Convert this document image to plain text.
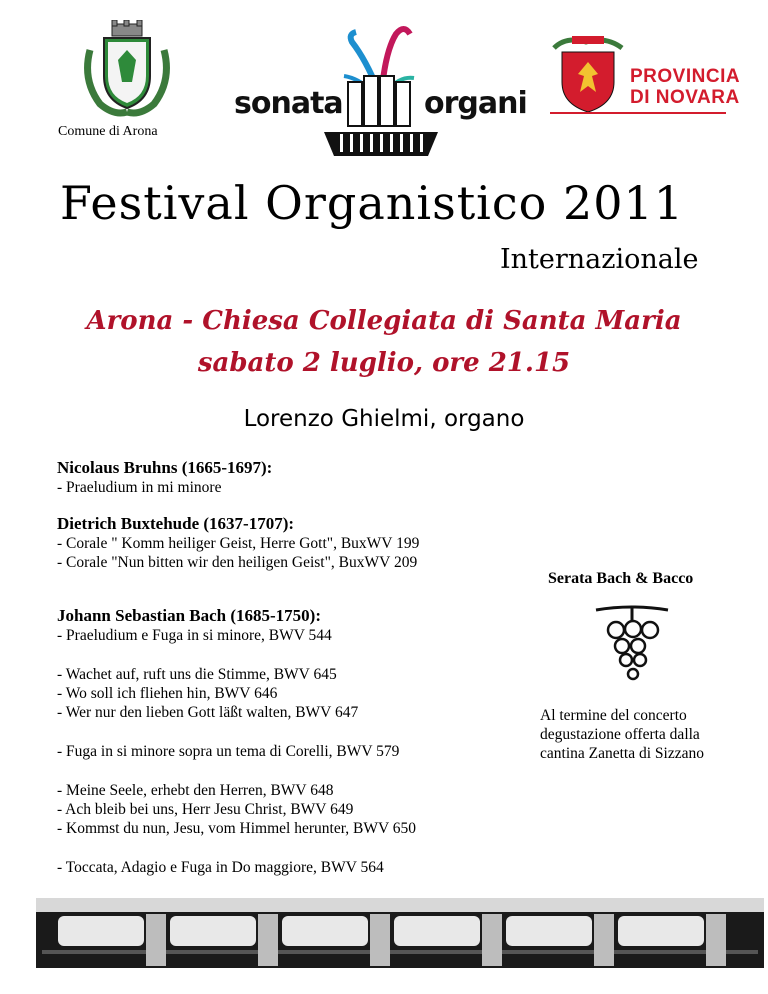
Comune di Arona
sonata	organi
PROVINCIA
DI NOVARA
Festival Organistico 2011
Internazionale
Arona - Chiesa Collegiata di Santa Maria
sabato 2 luglio, ore 21.15
Lorenzo Ghielmi, organo
Nicolaus Bruhns (1665-1697):
- Praeludium in mi minore
Dietrich Buxtehude (1637-1707):
- Corale " Komm heiliger Geist, Herre Gott", BuxWV 199
- Corale "Nun bitten wir den heiligen Geist", BuxWV 209
Johann Sebastian Bach (1685-1750):
- Praeludium e Fuga in si minore, BWV 544
- Wachet auf, ruft uns die Stimme, BWV 645
- Wo soll ich fliehen hin, BWV 646
- Wer nur den lieben Gott läßt walten, BWV 647
- Fuga in si minore sopra un tema di Corelli, BWV 579
- Meine Seele, erhebt den Herren, BWV 648
- Ach bleib bei uns, Herr Jesu Christ, BWV 649
- Kommst du nun, Jesu, vom Himmel herunter, BWV 650
- Toccata, Adagio e Fuga in Do maggiore, BWV 564
Serata Bach & Bacco
Al termine del concerto
degustazione offerta dalla
cantina Zanetta di Sizzano
